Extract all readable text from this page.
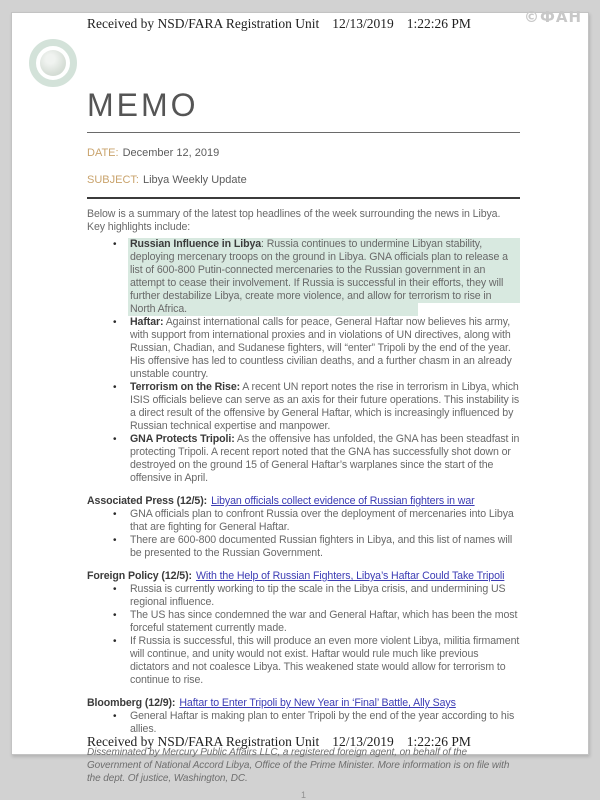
Received by NSD/FARA Registration Unit 12/13/2019 1:22:26 PM	©ФАН
MEMO
DATE: December 12, 2019
SUBJECT: Libya Weekly Update
Below is a summary of the latest top headlines of the week surrounding the news in Libya. Key highlights include:
• Russian Influence in Libya: Russia continues to undermine Libyan stability, deploying mercenary troops on the ground in Libya. GNA officials plan to release a list of 600-800 Putin-connected mercenaries to the Russian government in an attempt to cease their involvement. If Russia is successful in their efforts, they will further destabilize Libya, create more violence, and allow for terrorism to rise in North Africa.
• Haftar: Against international calls for peace, General Haftar now believes his army, with support from international proxies and in violations of UN directives, along with Russian, Chadian, and Sudanese fighters, will “enter” Tripoli by the end of the year. His offensive has led to countless civilian deaths, and a further chasm in an already unstable country.
• Terrorism on the Rise: A recent UN report notes the rise in terrorism in Libya, which ISIS officials believe can serve as an axis for their future operations. This instability is a direct result of the offensive by General Haftar, which is increasingly influenced by Russian technical expertise and manpower.
• GNA Protects Tripoli: As the offensive has unfolded, the GNA has been steadfast in protecting Tripoli. A recent report noted that the GNA has successfully shot down or destroyed on the ground 15 of General Haftar’s warplanes since the start of the offensive in April.
Associated Press (12/5): Libyan officials collect evidence of Russian fighters in war
• GNA officials plan to confront Russia over the deployment of mercenaries into Libya that are fighting for General Haftar.
• There are 600-800 documented Russian fighters in Libya, and this list of names will be presented to the Russian Government.
Foreign Policy (12/5): With the Help of Russian Fighters, Libya’s Haftar Could Take Tripoli
• Russia is currently working to tip the scale in the Libya crisis, and undermining US regional influence.
• The US has since condemned the war and General Haftar, which has been the most forceful statement currently made.
• If Russia is successful, this will produce an even more violent Libya, militia firmament will continue, and unity would not exist. Haftar would rule much like previous dictators and not coalesce Libya. This weakened state would allow for terrorism to continue to rise.
Bloomberg (12/9): Haftar to Enter Tripoli by New Year in ‘Final’ Battle, Ally Says
• General Haftar is making plan to enter Tripoli by the end of the year according to his allies.
Disseminated by Mercury Public Affairs LLC, a registered foreign agent, on behalf of the Government of National Accord Libya, Office of the Prime Minister. More information is on file with the dept. Of justice, Washington, DC.
1
Received by NSD/FARA Registration Unit 12/13/2019 1:22:26 PM
